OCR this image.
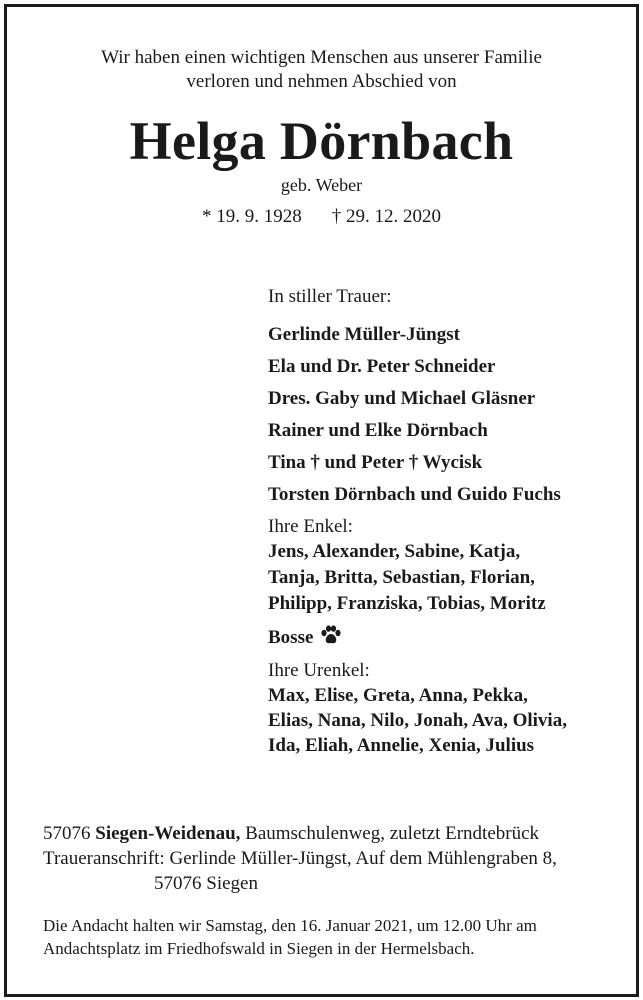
Wir haben einen wichtigen Menschen aus unserer Familie
verloren und nehmen Abschied von
Helga Dörnbach
geb. Weber
* 19. 9. 1928 † 29. 12. 2020
In stiller Trauer:
Gerlinde Müller-Jüngst
Ela und Dr. Peter Schneider
Dres. Gaby und Michael Gläsner
Rainer und Elke Dörnbach
Tina † und Peter † Wycisk
Torsten Dörnbach und Guido Fuchs
Ihre Enkel:
Jens, Alexander, Sabine, Katja,
Tanja, Britta, Sebastian, Florian,
Philipp, Franziska, Tobias, Moritz
Bosse
Ihre Urenkel:
Max, Elise, Greta, Anna, Pekka,
Elias, Nana, Nilo, Jonah, Ava, Olivia,
Ida, Eliah, Annelie, Xenia, Julius
57076 Siegen-Weidenau, Baumschulenweg, zuletzt Erndtebrück
Traueranschrift: Gerlinde Müller-Jüngst, Auf dem Mühlengraben 8,
57076 Siegen
Die Andacht halten wir Samstag, den 16. Januar 2021, um 12.00 Uhr am
Andachtsplatz im Friedhofswald in Siegen in der Hermelsbach.
